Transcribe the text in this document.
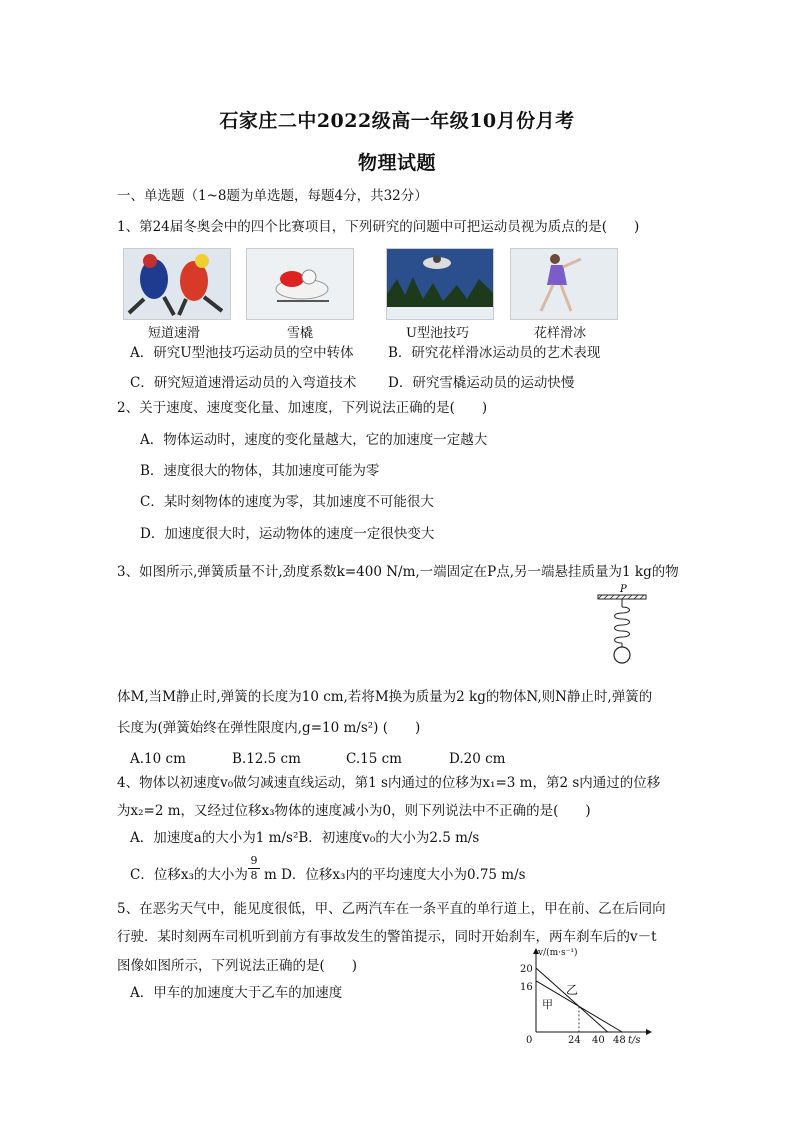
石家庄二中2022级高一年级10月份月考
物理试题
一、单选题（1~8题为单选题，每题4分，共32分）
1、第24届冬奥会中的四个比赛项目，下列研究的问题中可把运动员视为质点的是(　　)
短道速滑	雪橇	U型池技巧	花样滑冰
A．研究U型池技巧运动员的空中转体	B．研究花样滑冰运动员的艺术表现
C．研究短道速滑运动员的入弯道技术 D．研究雪橇运动员的运动快慢
2、关于速度、速度变化量、加速度，下列说法正确的是(　　)
A．物体运动时，速度的变化量越大，它的加速度一定越大
B．速度很大的物体，其加速度可能为零
C．某时刻物体的速度为零，其加速度不可能很大
D．加速度很大时，运动物体的速度一定很快变大
3、如图所示,弹簧质量不计,劲度系数k=400 N/m,一端固定在P点,另一端悬挂质量为1 kg的物
P
体M,当M静止时,弹簧的长度为10 cm,若将M换为质量为2 kg的物体N,则N静止时,弹簧的
长度为(弹簧始终在弹性限度内,g=10 m/s²) (　　)
A.10 cm	B.12.5 cm	C.15 cm	D.20 cm
4、物体以初速度v₀做匀减速直线运动，第1 s内通过的位移为x₁=3 m，第2 s内通过的位移
为x₂=2 m，又经过位移x₃物体的速度减小为0，则下列说法中不正确的是(　　)
A．加速度a的大小为1 m/s²B．初速度v₀的大小为2.5 m/s
C．位移x₃的大小为
9
8 m D．位移x₃内的平均速度大小为0.75 m/s
5、在恶劣天气中，能见度很低，甲、乙两汽车在一条平直的单行道上，甲在前、乙在后同向
行驶．某时刻两车司机听到前方有事故发生的警笛提示，同时开始刹车，两车刹车后的v－t
图像如图所示，下列说法正确的是(　　)
A．甲车的加速度大于乙车的加速度
v/(m·s⁻¹)
t/s
20
16
0	24 40 48
乙
甲
